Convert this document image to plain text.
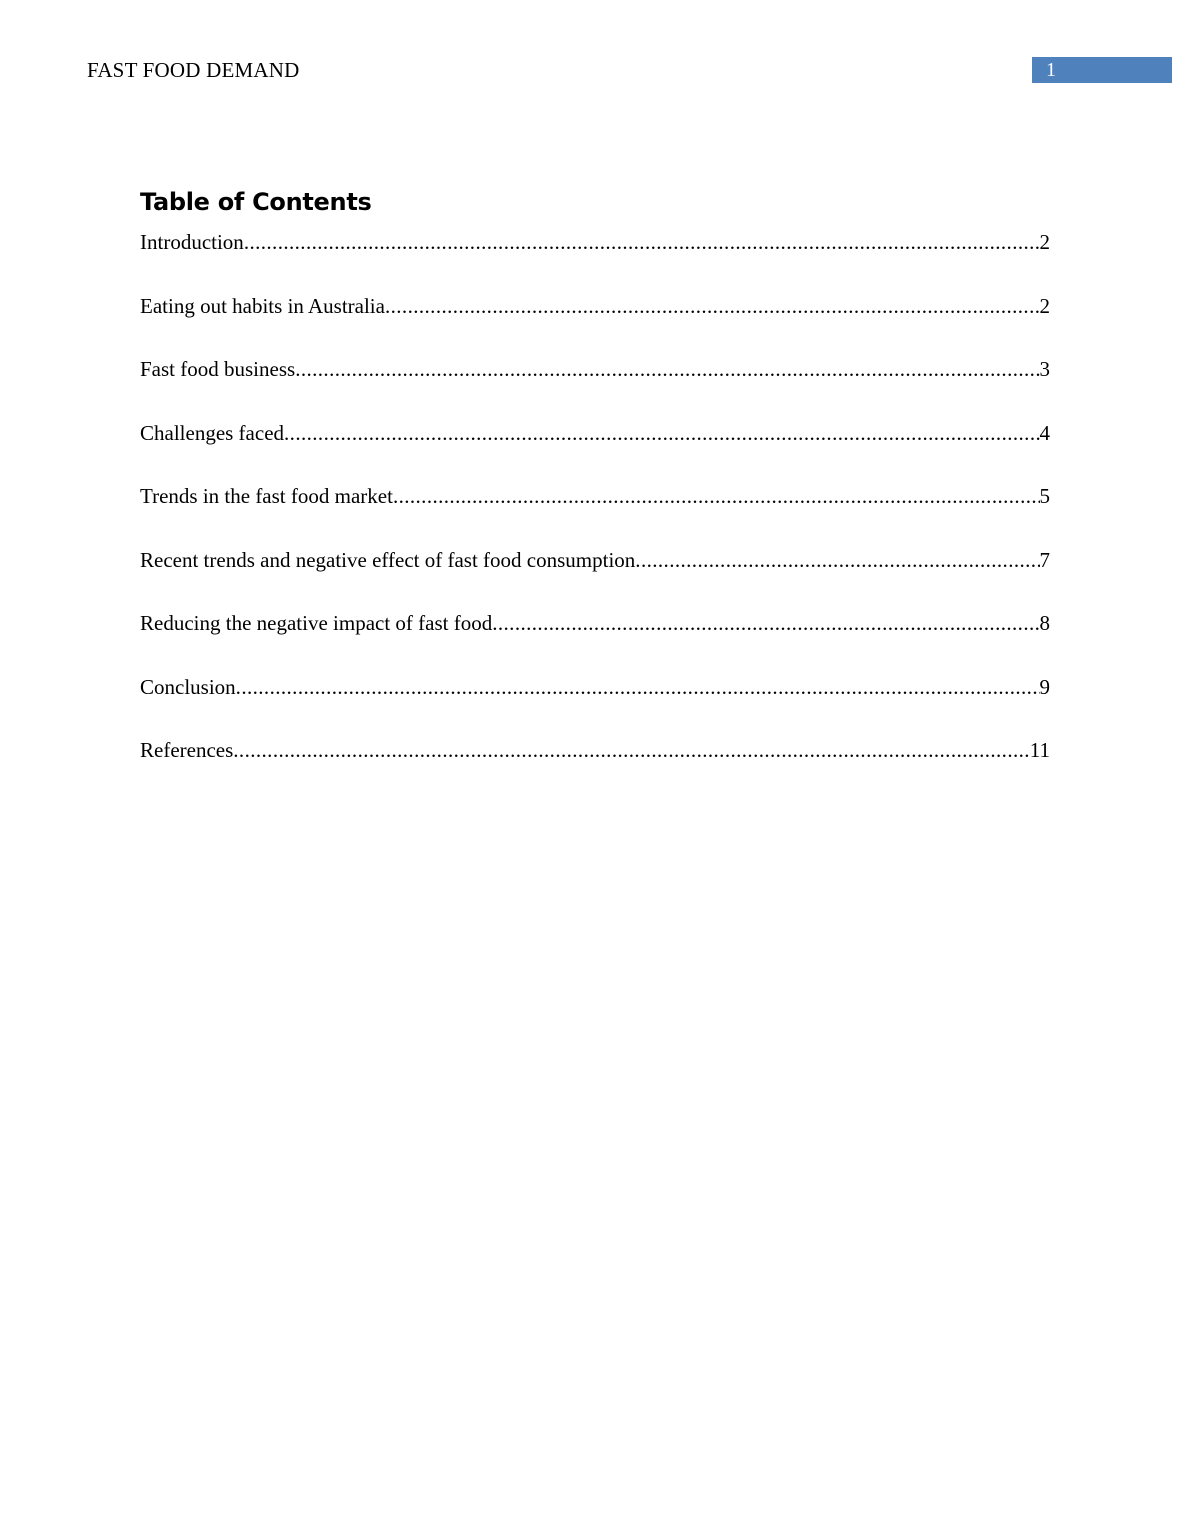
FAST FOOD DEMAND	1
Table of Contents
Introduction .....	2
Eating out habits in Australia .....	2
Fast food business .....	3
Challenges faced .....	4
Trends in the fast food market .....	5
Recent trends and negative effect of fast food consumption .....	7
Reducing the negative impact of fast food .....	8
Conclusion .....	9
References .....	11
